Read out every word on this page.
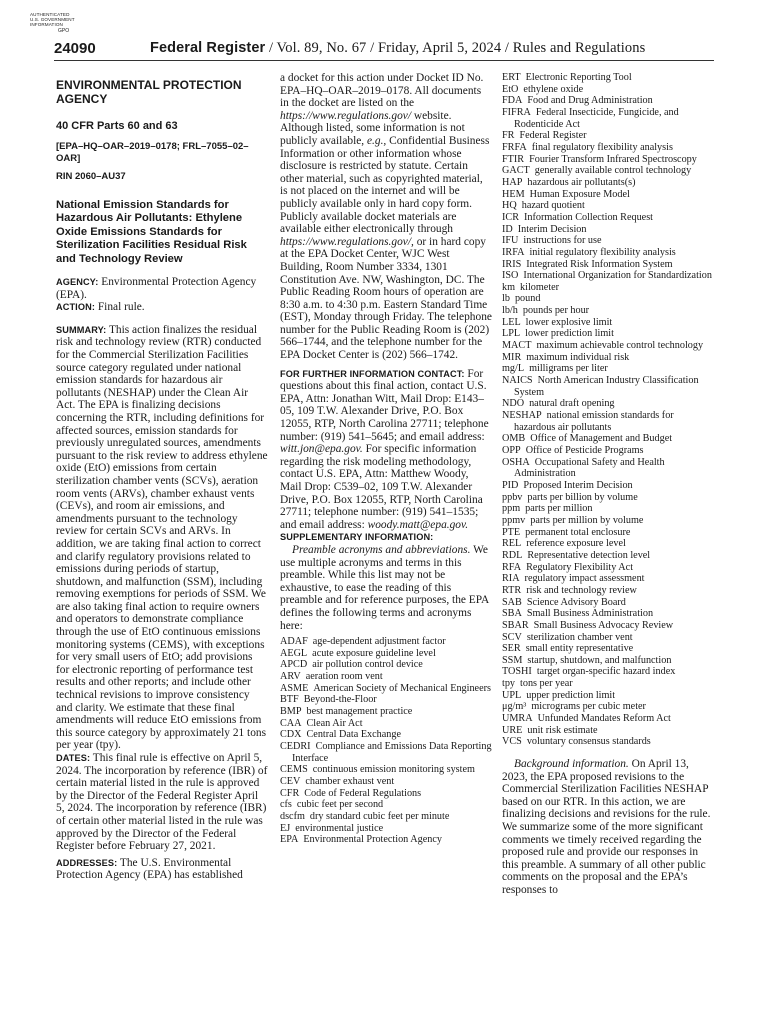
AUTHENTICATED
U.S. GOVERNMENT
INFORMATION
GPO
24090	Federal Register / Vol. 89, No. 67 / Friday, April 5, 2024 / Rules and Regulations
ENVIRONMENTAL PROTECTION AGENCY
40 CFR Parts 60 and 63
[EPA–HQ–OAR–2019–0178; FRL–7055–02–OAR]
RIN 2060–AU37
National Emission Standards for Hazardous Air Pollutants: Ethylene Oxide Emissions Standards for Sterilization Facilities Residual Risk and Technology Review

AGENCY: Environmental Protection Agency (EPA).

ACTION: Final rule.

SUMMARY: This action finalizes the residual risk and technology review (RTR) conducted for the Commercial Sterilization Facilities source category regulated under national emission standards for hazardous air pollutants (NESHAP) under the Clean Air Act. The EPA is finalizing decisions concerning the RTR, including definitions for affected sources, emission standards for previously unregulated sources, amendments pursuant to the risk review to address ethylene oxide (EtO) emissions from certain sterilization chamber vents (SCVs), aeration room vents (ARVs), chamber exhaust vents (CEVs), and room air emissions, and amendments pursuant to the technology review for certain SCVs and ARVs. In addition, we are taking final action to correct and clarify regulatory provisions related to emissions during periods of startup, shutdown, and malfunction (SSM), including removing exemptions for periods of SSM. We are also taking final action to require owners and operators to demonstrate compliance through the use of EtO continuous emissions monitoring systems (CEMS), with exceptions for very small users of EtO; add provisions for electronic reporting of performance test results and other reports; and include other technical revisions to improve consistency and clarity. We estimate that these final amendments will reduce EtO emissions from this source category by approximately 21 tons per year (tpy).

DATES: This final rule is effective on April 5, 2024. The incorporation by reference (IBR) of certain material listed in the rule is approved by the Director of the Federal Register April 5, 2024. The incorporation by reference (IBR) of certain other material listed in the rule was approved by the Director of the Federal Register before February 27, 2021.

ADDRESSES: The U.S. Environmental Protection Agency (EPA) has established

a docket for this action under Docket ID No. EPA–HQ–OAR–2019–0178. All documents in the docket are listed on the https://www.regulations.gov/ website. Although listed, some information is not publicly available, e.g., Confidential Business Information or other information whose disclosure is restricted by statute. Certain other material, such as copyrighted material, is not placed on the internet and will be publicly available only in hard copy form. Publicly available docket materials are available either electronically through https://www.regulations.gov/, or in hard copy at the EPA Docket Center, WJC West Building, Room Number 3334, 1301 Constitution Ave. NW, Washington, DC. The Public Reading Room hours of operation are 8:30 a.m. to 4:30 p.m. Eastern Standard Time (EST), Monday through Friday. The telephone number for the Public Reading Room is (202) 566–1744, and the telephone number for the EPA Docket Center is (202) 566–1742.

FOR FURTHER INFORMATION CONTACT: For questions about this final action, contact U.S. EPA, Attn: Jonathan Witt, Mail Drop: E143–05, 109 T.W. Alexander Drive, P.O. Box 12055, RTP, North Carolina 27711; telephone number: (919) 541–5645; and email address: witt.jon@epa.gov. For specific information regarding the risk modeling methodology, contact U.S. EPA, Attn: Matthew Woody, Mail Drop: C539–02, 109 T.W. Alexander Drive, P.O. Box 12055, RTP, North Carolina 27711; telephone number: (919) 541–1535; and email address: woody.matt@epa.gov.

SUPPLEMENTARY INFORMATION:

Preamble acronyms and abbreviations. We use multiple acronyms and terms in this preamble. While this list may not be exhaustive, to ease the reading of this preamble and for reference purposes, the EPA defines the following terms and acronyms here:

ADAF age-dependent adjustment factor

AEGL acute exposure guideline level

APCD air pollution control device

ARV aeration room vent

ASME American Society of Mechanical Engineers

BTF Beyond-the-Floor

BMP best management practice

CAA Clean Air Act

CDX Central Data Exchange

CEDRI Compliance and Emissions Data Reporting Interface

CEMS continuous emission monitoring system

CEV chamber exhaust vent

CFR Code of Federal Regulations

cfs cubic feet per second

dscfm dry standard cubic feet per minute

EJ environmental justice

EPA Environmental Protection Agency

ERT Electronic Reporting Tool

EtO ethylene oxide

FDA Food and Drug Administration

FIFRA Federal Insecticide, Fungicide, and Rodenticide Act

FR Federal Register

FRFA final regulatory flexibility analysis

FTIR Fourier Transform Infrared Spectroscopy

GACT generally available control technology

HAP hazardous air pollutants(s)

HEM Human Exposure Model

HQ hazard quotient

ICR Information Collection Request

ID Interim Decision

IFU instructions for use

IRFA initial regulatory flexibility analysis

IRIS Integrated Risk Information System

ISO International Organization for Standardization

km kilometer

lb pound

lb/h pounds per hour

LEL lower explosive limit

LPL lower prediction limit

MACT maximum achievable control technology

MIR maximum individual risk

mg/L milligrams per liter

NAICS North American Industry Classification System

NDO natural draft opening

NESHAP national emission standards for hazardous air pollutants

OMB Office of Management and Budget

OPP Office of Pesticide Programs

OSHA Occupational Safety and Health Administration

PID Proposed Interim Decision

ppbv parts per billion by volume

ppm parts per million

ppmv parts per million by volume

PTE permanent total enclosure

REL reference exposure level

RDL Representative detection level

RFA Regulatory Flexibility Act

RIA regulatory impact assessment

RTR risk and technology review

SAB Science Advisory Board

SBA Small Business Administration

SBAR Small Business Advocacy Review

SCV sterilization chamber vent

SER small entity representative

SSM startup, shutdown, and malfunction

TOSHI target organ-specific hazard index

tpy tons per year

UPL upper prediction limit

μg/m³ micrograms per cubic meter

UMRA Unfunded Mandates Reform Act

URE unit risk estimate

VCS voluntary consensus standards

Background information. On April 13, 2023, the EPA proposed revisions to the Commercial Sterilization Facilities NESHAP based on our RTR. In this action, we are finalizing decisions and revisions for the rule. We summarize some of the more significant comments we timely received regarding the proposed rule and provide our responses in this preamble. A summary of all other public comments on the proposal and the EPA’s responses to
